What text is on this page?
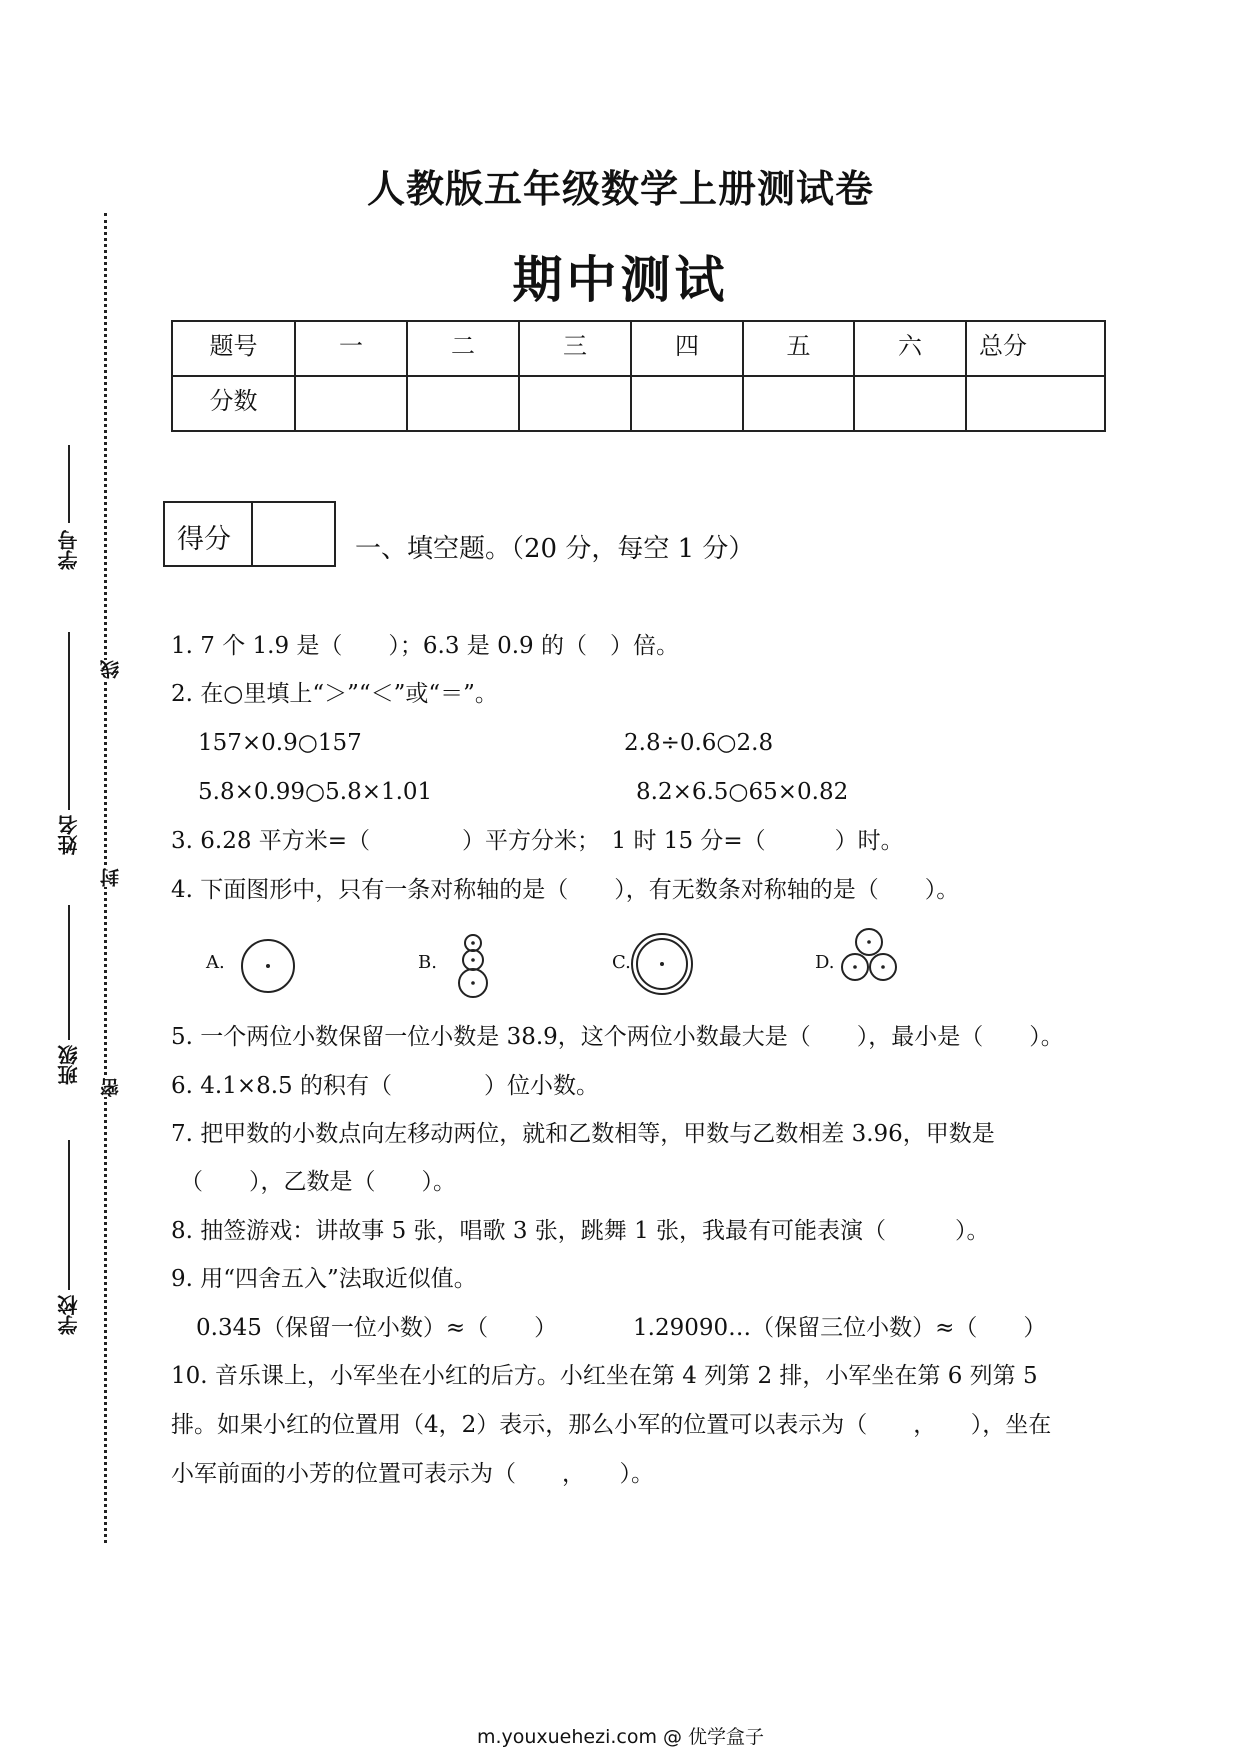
学号
姓名
班级
学校
线
封
密
人教版五年级数学上册测试卷
期中测试
题号	一	二	三	四	五	六	总分
分数							
得分	一、填空题。（20 分，每空 1 分）
1. 7 个 1.9 是（　　）；6.3 是 0.9 的（　）倍。
2. 在○里填上“＞”“＜”或“＝”。
157×0.9○157	2.8÷0.6○2.8
5.8×0.99○5.8×1.01	8.2×6.5○65×0.82
3. 6.28 平方米=（　　　　）平方分米；　1 时 15 分=（　　　）时。
4. 下面图形中，只有一条对称轴的是（　　），有无数条对称轴的是（　　）。
A.	B.	C.	D.
5. 一个两位小数保留一位小数是 38.9，这个两位小数最大是（　　），最小是（　　）。
6. 4.1×8.5 的积有（　　　　）位小数。
7. 把甲数的小数点向左移动两位，就和乙数相等，甲数与乙数相差 3.96，甲数是
（　　），乙数是（　　）。
8. 抽签游戏：讲故事 5 张，唱歌 3 张，跳舞 1 张，我最有可能表演（　　　）。
9. 用“四舍五入”法取近似值。
0.345（保留一位小数）≈（　　）	1.29090…（保留三位小数）≈（　　）
10. 音乐课上，小军坐在小红的后方。小红坐在第 4 列第 2 排，小军坐在第 6 列第 5
排。如果小红的位置用（4，2）表示，那么小军的位置可以表示为（　　，　　），坐在
小军前面的小芳的位置可表示为（　　，　　）。
m.youxuehezi.com @ 优学盒子
